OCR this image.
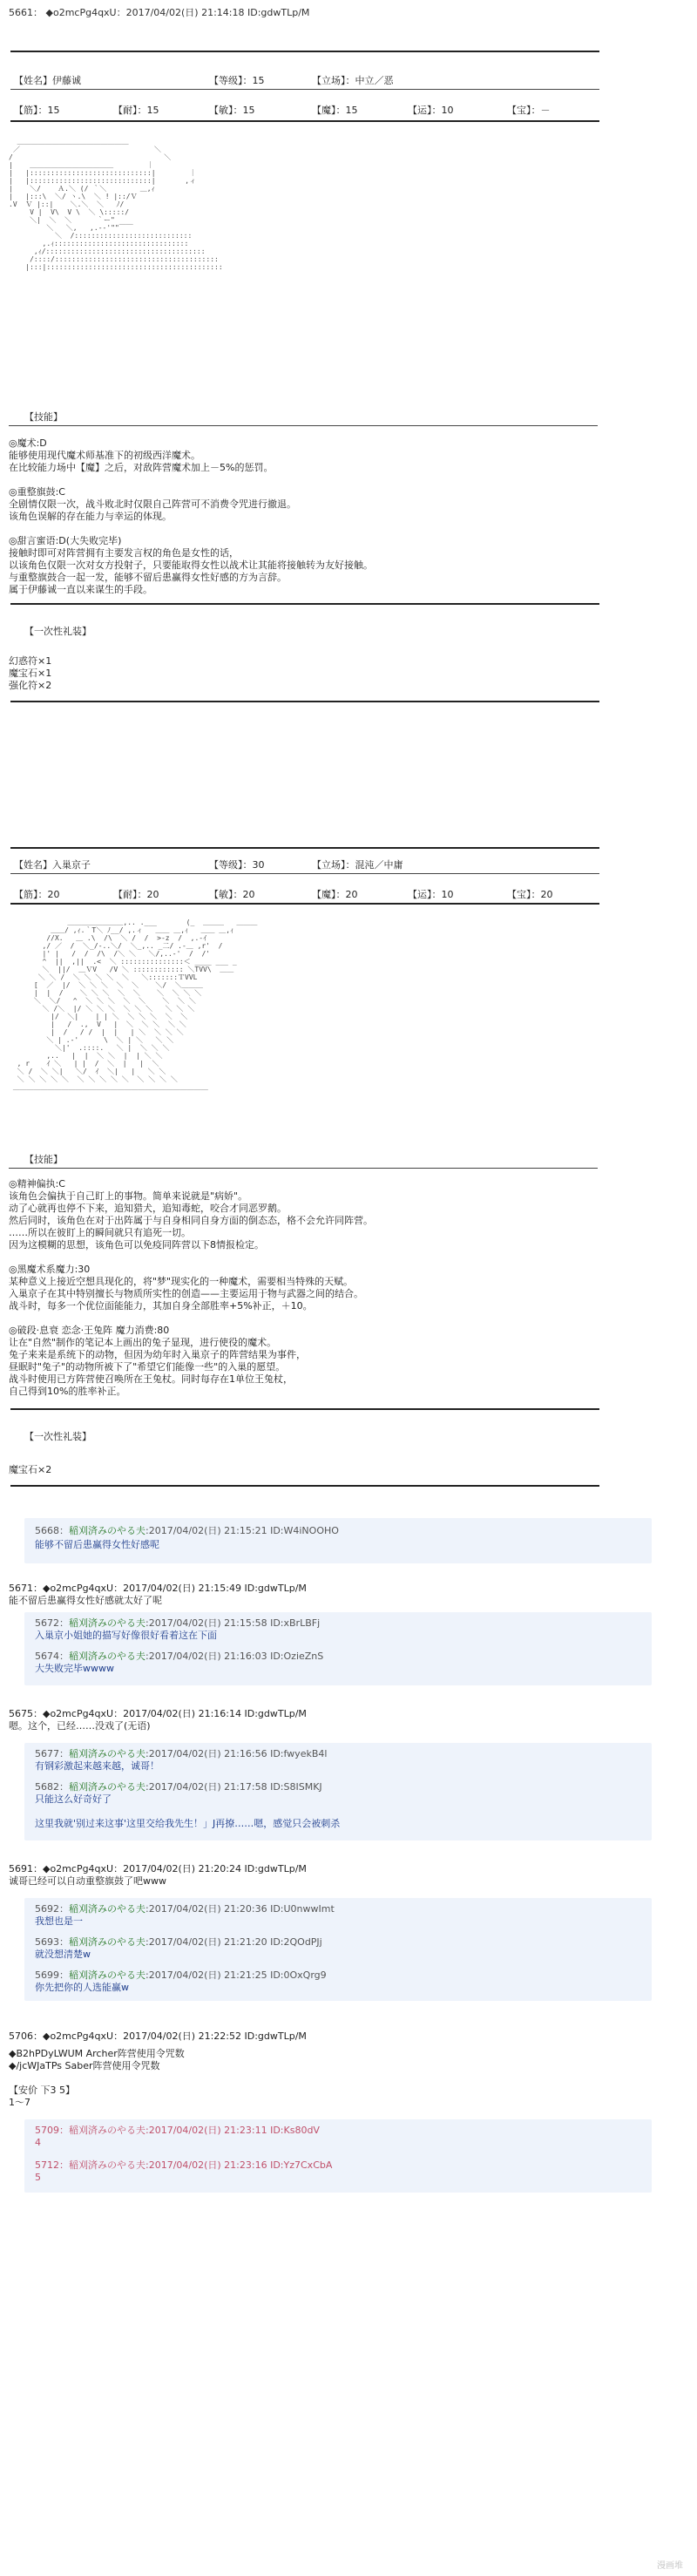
5661： ◆o2mcPg4qxU：2017/04/02(日) 21:14:18 ID:gdwTLp/M
【姓名】伊藤诚	【等级】：15	【立场】：中立／恶
【筋】：15	【耐】：15	【敏】：15	【魔】：15	【运】：10	【宝】：－
＿＿＿＿＿＿＿＿＿＿＿＿＿＿＿＿
／                                ＼
/                                    ＼
|    ＿＿＿＿＿＿＿＿＿＿＿＿        ｜
|   |:::::::::::::::::::::::::::::|        ｜
|   |:::::::::::::::::::::::::::::|       ,ィ
|    ＼/    Ａ.＼ (/ ｀＼        ＿,ｨ
|   |:::\  ＼/ ヽ.\  ＼ ! |::/Ｖ
.V  Ｖ |::|    ＼.＼  ＼   ﾉ/
V |  V\  V \  ＼ \:::::/
＼|  ＼  ＼      ｀ー"
＼   ＼,   ,.-‐'""￣￣
＼  /::::::::::::::::::::::::::::
,.ｨ::::::::::::::::::::::::::::::::
,ｨ/::::::::::::::::::::::::::::::::::::::
/::::/:::::::::::::::::::::::::::::::::::::::
|:::|::::::::::::::::::::::::::::::::::::::::::
【技能】
◎魔术:D
能够使用现代魔术师基准下的初级西洋魔术。
在比较能力场中【魔】之后，对敌阵营魔术加上－5%的惩罚。
◎重整旗鼓:C
全剧情仅限一次，战斗败北时仅限自己阵营可不消费令咒进行撤退。
该角色误解的存在能力与幸运的体现。
◎甜言蜜语:D(大失败完毕)
接触时即可对阵营拥有主要发言权的角色是女性的话，
以该角色仅限一次对女方投射子，只要能取得女性以战术让其能将接触转为友好接触。
与重整旗鼓合一起一发，能够不留后患赢得女性好感的方为言辞。
属于伊藤诚一直以来谋生的手段。
【一次性礼装】
幻惑符×1
魔宝石×1
强化符×2
【姓名】入巢京子	【等级】：30	【立场】：混沌／中庸
【筋】：20	【耐】：20	【敏】：20	【魔】：20	【运】：10	【宝】：20
＿＿＿＿＿＿＿＿,.. .___       (_  ＿＿＿   ＿＿＿
＿＿/ ,ｨ.｀T＼ ﾉ__/ ,.ィ   ＿＿ ＿,ｨ   ＿＿ ＿,ｨ
//X.   ＿ .\  /\  ＼ /  /  >-z  /  ,.-ｲ
,/ ／  /  ＼_/-..＼/  ＼_,.. _二/ .-＿ ,r'  /
|' |   /  /  /\  /＼ ＼   ＼/,..-'  /  /'
^  ||  ,||  .<  ＼ :::::::::::::::＜ ____ ___ _
＼  ||/  ＿ＶV   /V ＼ :::::::::::: ＼TVV\  ＿＿
＼ ＼ /  ＼ ＼ ＼ ＼  ＼   ＼:::::::ＴVVL
[  ／  |/  ＼ ＼ ＼  ＼  ＼    ＼/  ＼＿＿＿
|  |  /    ＼ ＼ ＼  ＼  ＼    ＼  ＼ ＼ ＼
＼  ＼/   ^  ＼ ＼ ＼  ＼  ＼    ＼  ＼ ＼
＼ /＼  |/ ＼ ＼ ＼  ＼ ＼ ＼   ＼ ＼ ＼
|/  ＼|    | | ＼  ＼ ＼ ＼  ＼  ＼
|   /  .,  V   |  ＼  ＼ ＼  ＼ ＼
|  /   / /  |  |   | ＼  ＼ ＼ ＼
＼ | .-'      \  ＼ | ＼   ＼ ＼
＼|'  .::::.   ＼ |  ＼ ＼ ＼
,..   |  |  ＼ ＼  |  | ＼ ＼
, r    ｲ ＼   | |  /  ＼  |   |  ＼
＼ /  ＼ ＼|   ＼/  ｲ  ＼|   |   ＼ ＼
＼ ＼ ＼ ＼ ＼  ＼ ＼ ＼ ＼ ＼  ＼ ＼ ＼ ＼
＿＿＿＿＿＿＿＿＿＿＿＿＿＿＿＿＿＿＿＿＿＿＿＿＿＿＿＿
【技能】
◎精神偏执:C
该角色会偏执于自己盯上的事物。简单来说就是"病娇"。
动了心就再也停不下来，追知猎犬，追知毒蛇，咬合才同恶罗鹅。
然后同时，该角色在对于出阵属于与自身相同自身方面的倒态态，格不会允许同阵营。
……所以在彼盯上的瞬间就只有追死一切。
因为这模糊的思想，该角色可以免疫同阵营以下8情报检定。
◎黑魔术系魔力:30
某种意义上接近空想具现化的，将"梦"现实化的一种魔术，需要相当特殊的天赋。
入巢京子在其中特别擅长与物质所实性的创造——主要运用于物与武器之间的结合。
战斗时，每多一个优位面能能力，其加自身全部胜率+5%补正，＋10。
◎破段·息衰 恋念·王兔阵 魔力消费:80
让在"自然"制作的笔记本上画出的兔子显现，进行使役的魔术。
兔子来来是系统下的动物，但因为幼年时入巢京子的阵营结果为事件，
昼眠时"兔子"的动物所被下了"希望它们能像一些"的入巢的愿望。
战斗时使用已方阵营使召唤所在王兔杖。同时每存在1单位王兔杖，
自己得到10%的胜率补正。
【一次性礼装】
魔宝石×2
5668：稲刈済みのやる夫:2017/04/02(日) 21:15:21 ID:W4iNOOHO
能够不留后患赢得女性好感呢
5671：◆o2mcPg4qxU：2017/04/02(日) 21:15:49 ID:gdwTLp/M
能不留后患赢得女性好感就太好了呢
5672：稲刈済みのやる夫:2017/04/02(日) 21:15:58 ID:xBrLBFj
入巢京小姐她的描写好像很好看着这在下面
5674：稲刈済みのやる夫:2017/04/02(日) 21:16:03 ID:OzieZnS
大失败完毕wwww
5675：◆o2mcPg4qxU：2017/04/02(日) 21:16:14 ID:gdwTLp/M
嗯。这个，已经……没戏了(无语)
5677：稲刈済みのやる夫:2017/04/02(日) 21:16:56 ID:fwyekB4l
有钢彩激起来越来越，诚哥！
5682：稲刈済みのやる夫:2017/04/02(日) 21:17:58 ID:S8ISMKJ
只能这么好奇好了
这里我就'别过来这事'这里交给我先生！」J再撩……嗯，感觉只会被刺杀
5691：◆o2mcPg4qxU：2017/04/02(日) 21:20:24 ID:gdwTLp/M
诚哥已经可以自动重整旗鼓了吧www
5692：稲刈済みのやる夫:2017/04/02(日) 21:20:36 ID:U0nwwImt
我想也是一
5693：稲刈済みのやる夫:2017/04/02(日) 21:21:20 ID:2QOdPJj
就没想清楚w
5699：稲刈済みのやる夫:2017/04/02(日) 21:21:25 ID:0OxQrg9
你先把你的人选能赢w
5706：◆o2mcPg4qxU：2017/04/02(日) 21:22:52 ID:gdwTLp/M
◆B2hPDyLWUM Archer阵营使用令咒数
◆/jcWJaTPs Saber阵营使用令咒数
【安价 下3 5】
1～7
5709：稲刈済みのやる夫:2017/04/02(日) 21:23:11 ID:Ks80dV
4
5712：稲刈済みのやる夫:2017/04/02(日) 21:23:16 ID:Yz7CxCbA
5
漫画堆
